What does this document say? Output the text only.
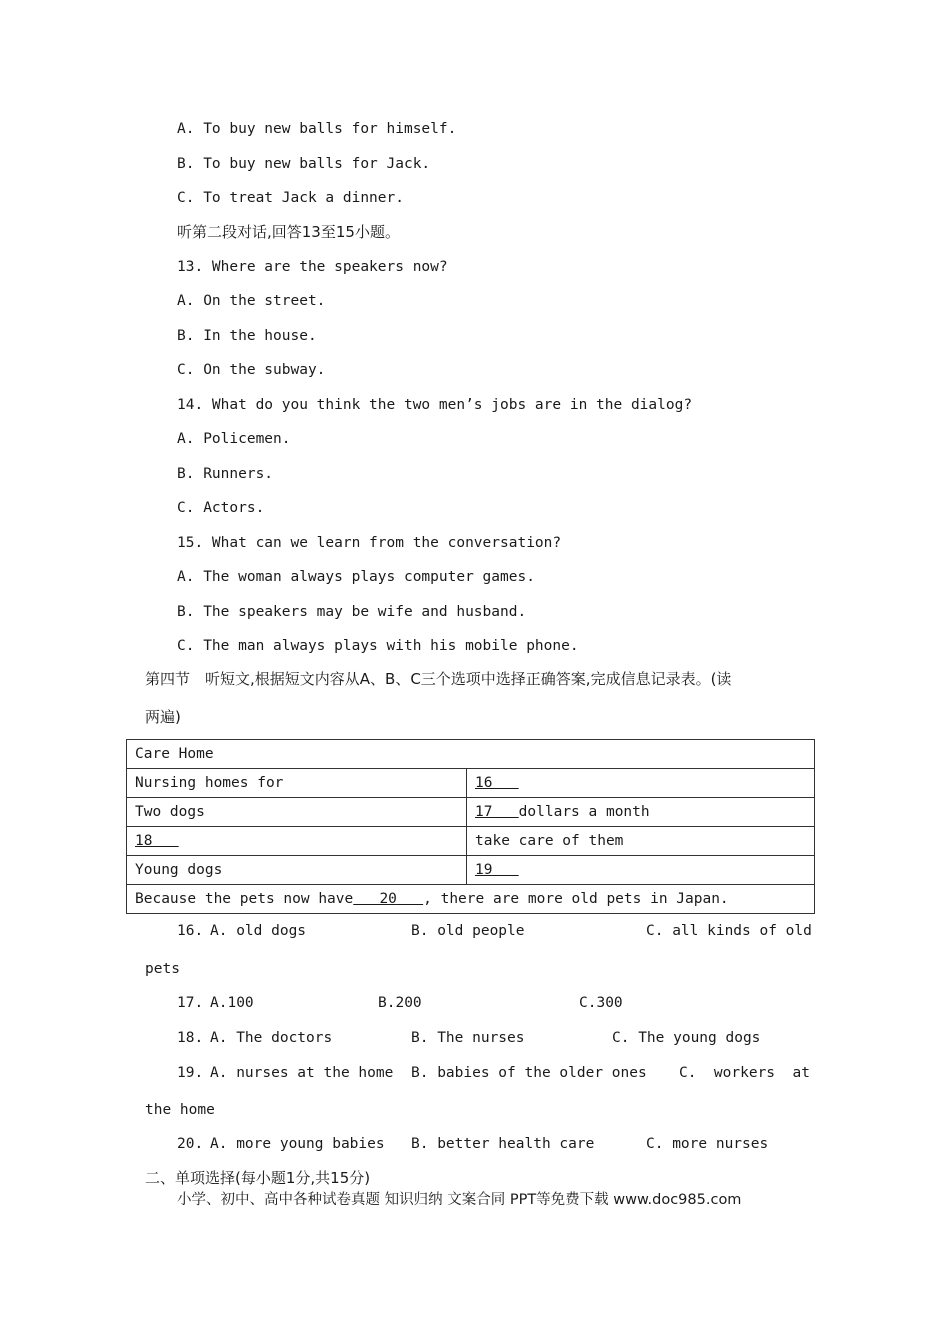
A. To buy new balls for himself.
B. To buy new balls for Jack.
C. To treat Jack a dinner.
听第二段对话,回答13至15小题。
13. Where are the speakers now?
A. On the street.
B. In the house.
C. On the subway.
14. What do you think the two men’s jobs are in the dialog?
A. Policemen.
B. Runners.
C. Actors.
15. What can we learn from the conversation?
A. The woman always plays computer games.
B. The speakers may be wife and husband.
C. The man always plays with his mobile phone.
第四节　听短文,根据短文内容从A、B、C三个选项中选择正确答案,完成信息记录表。(读
两遍)
Care Home	
Nursing homes for	16
Two dogs	17 dollars a month
18	take care of them
Young dogs	19
Because the pets now have 20 , there are more old pets in Japan.	
16. A. old dogs	B. old people	C. all kinds of old
pets
17. A.100	B.200	C.300
18. A. The doctors	B. The nurses	C. The young dogs
19. A. nurses at the home B. babies of the older ones C.  workers  at
the home
20. A. more young babies B. better health care	C. more nurses
二、单项选择(每小题1分,共15分)
小学、初中、高中各种试卷真题 知识归纳 文案合同 PPT等免费下载 www.doc985.com
